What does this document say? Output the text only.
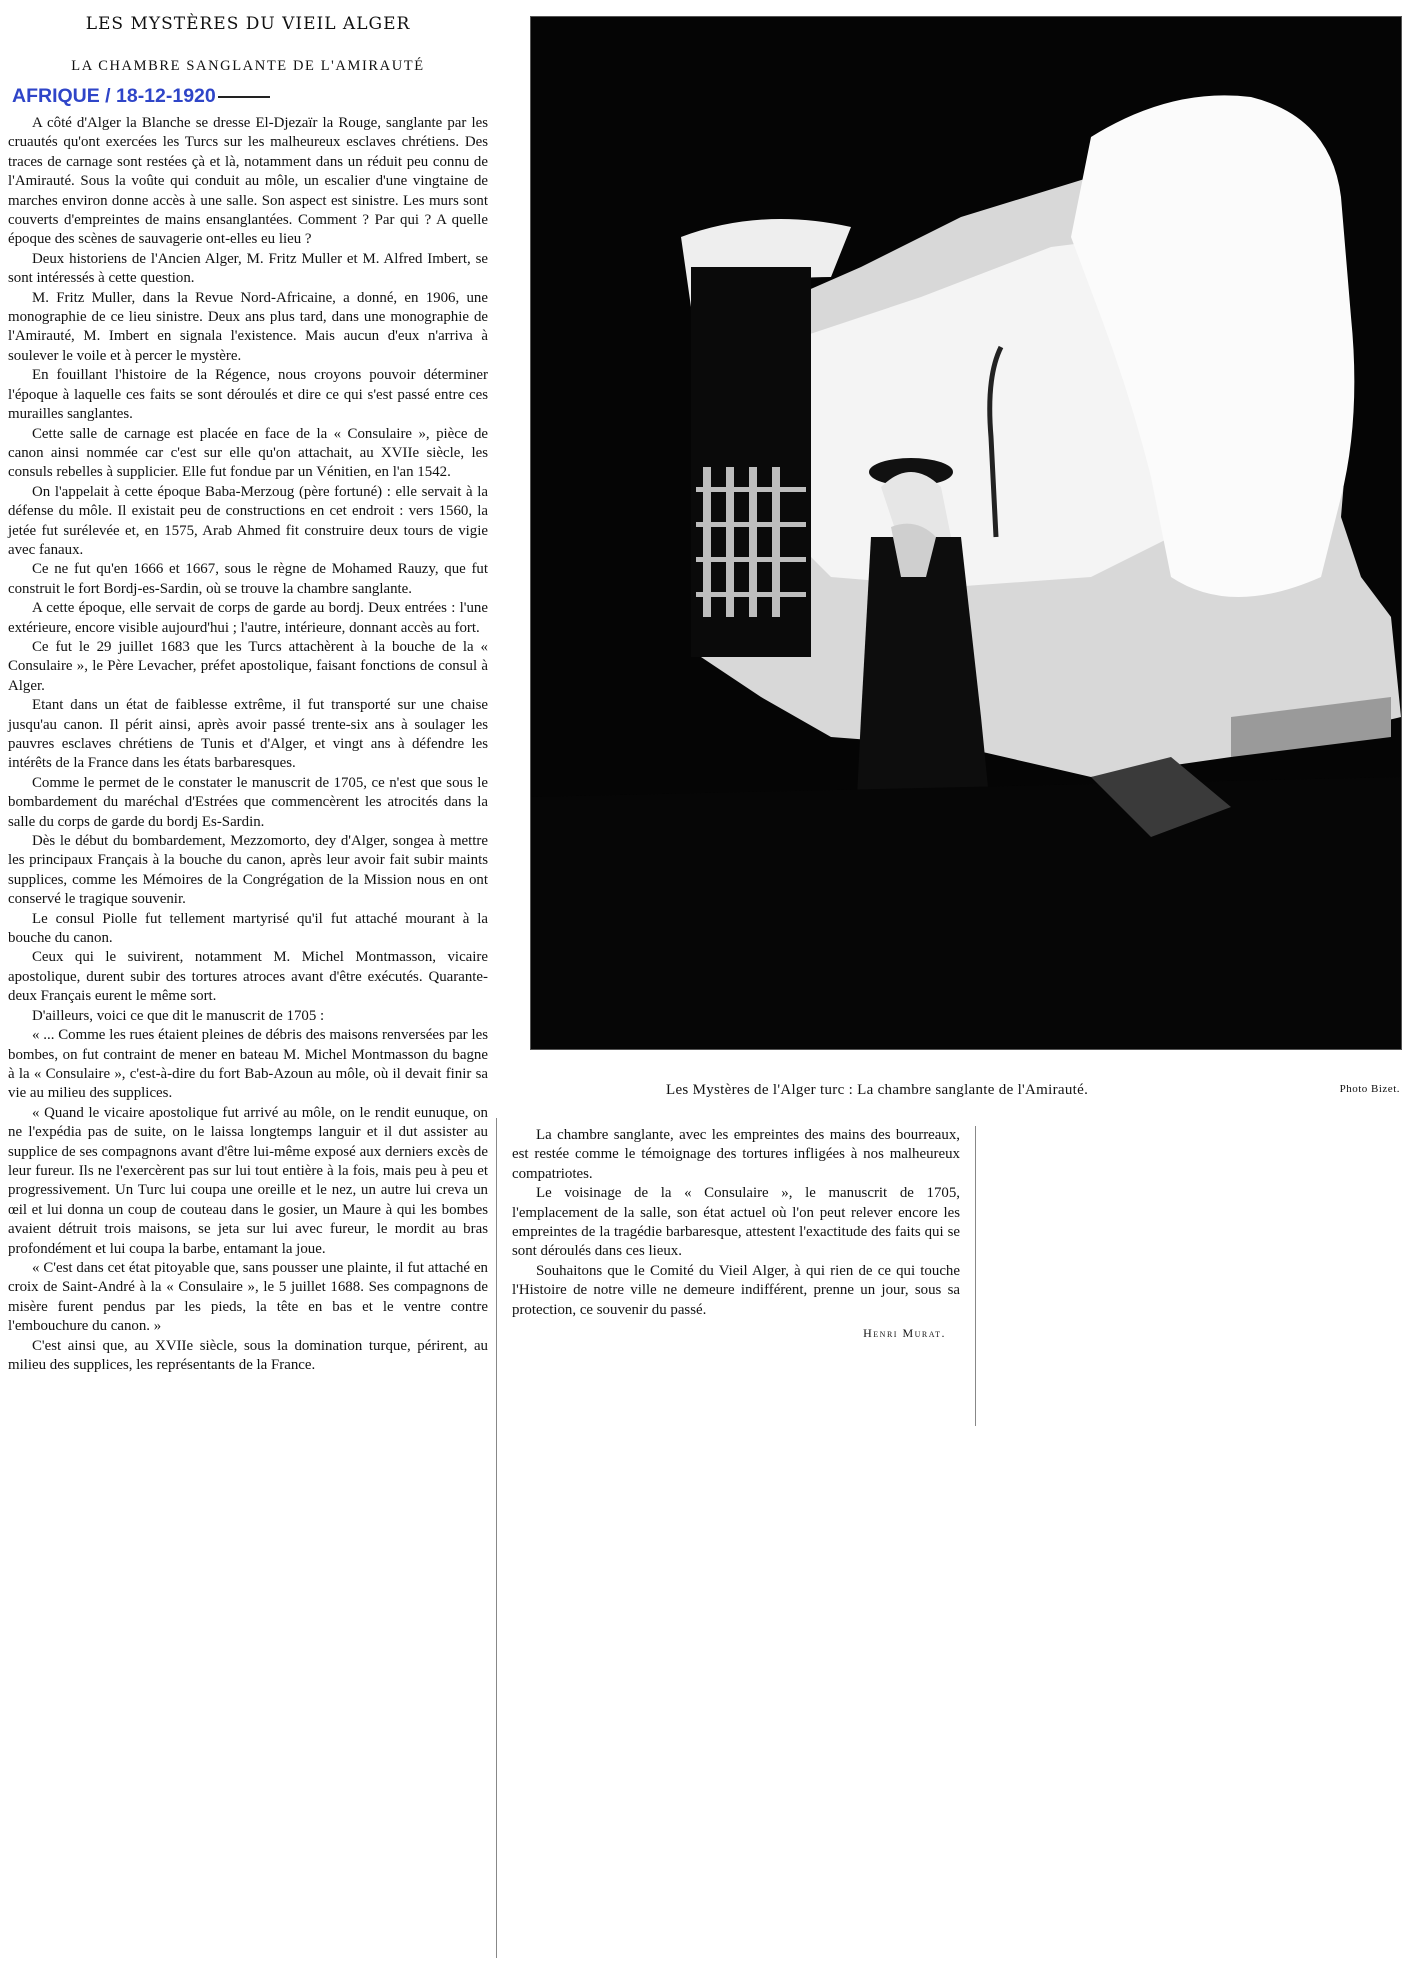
LES MYSTÈRES DU VIEIL ALGER
LA CHAMBRE SANGLANTE DE L'AMIRAUTÉ
AFRIQUE / 18-12-1920

A côté d'Alger la Blanche se dresse El-Djezaïr la Rouge, sanglante par les cruautés qu'ont exercées les Turcs sur les malheureux esclaves chrétiens. Des traces de carnage sont restées çà et là, notamment dans un réduit peu connu de l'Amirauté. Sous la voûte qui conduit au môle, un escalier d'une vingtaine de marches environ donne accès à une salle. Son aspect est sinistre. Les murs sont couverts d'empreintes de mains ensanglantées. Comment ? Par qui ? A quelle époque des scènes de sauvagerie ont-elles eu lieu ?

Deux historiens de l'Ancien Alger, M. Fritz Muller et M. Alfred Imbert, se sont intéressés à cette question.

M. Fritz Muller, dans la Revue Nord-Africaine, a donné, en 1906, une monographie de ce lieu sinistre. Deux ans plus tard, dans une monographie de l'Amirauté, M. Imbert en signala l'existence. Mais aucun d'eux n'arriva à soulever le voile et à percer le mystère.

En fouillant l'histoire de la Régence, nous croyons pouvoir déterminer l'époque à laquelle ces faits se sont déroulés et dire ce qui s'est passé entre ces murailles sanglantes.

Cette salle de carnage est placée en face de la « Consulaire », pièce de canon ainsi nommée car c'est sur elle qu'on attachait, au XVIIe siècle, les consuls rebelles à supplicier. Elle fut fondue par un Vénitien, en l'an 1542.

On l'appelait à cette époque Baba-Merzoug (père fortuné) : elle servait à la défense du môle. Il existait peu de constructions en cet endroit : vers 1560, la jetée fut surélevée et, en 1575, Arab Ahmed fit construire deux tours de vigie avec fanaux.

Ce ne fut qu'en 1666 et 1667, sous le règne de Mohamed Rauzy, que fut construit le fort Bordj-es-Sardin, où se trouve la chambre sanglante.

A cette époque, elle servait de corps de garde au bordj. Deux entrées : l'une extérieure, encore visible aujourd'hui ; l'autre, intérieure, donnant accès au fort.

Ce fut le 29 juillet 1683 que les Turcs attachèrent à la bouche de la « Consulaire », le Père Levacher, préfet apostolique, faisant fonctions de consul à Alger.

Etant dans un état de faiblesse extrême, il fut transporté sur une chaise jusqu'au canon. Il périt ainsi, après avoir passé trente-six ans à soulager les pauvres esclaves chrétiens de Tunis et d'Alger, et vingt ans à défendre les intérêts de la France dans les états barbaresques.

Comme le permet de le constater le manuscrit de 1705, ce n'est que sous le bombardement du maréchal d'Estrées que commencèrent les atrocités dans la salle du corps de garde du bordj Es-Sardin.

Dès le début du bombardement, Mezzomorto, dey d'Alger, songea à mettre les principaux Français à la bouche du canon, après leur avoir fait subir maints supplices, comme les Mémoires de la Congrégation de la Mission nous en ont conservé le tragique souvenir.

Le consul Piolle fut tellement martyrisé qu'il fut attaché mourant à la bouche du canon.

Ceux qui le suivirent, notamment M. Michel Montmasson, vicaire apostolique, durent subir des tortures atroces avant d'être exécutés. Quarante-deux Français eurent le même sort.

D'ailleurs, voici ce que dit le manuscrit de 1705 :

« ... Comme les rues étaient pleines de débris des maisons renversées par les bombes, on fut contraint de mener en bateau M. Michel Montmasson du bagne à la « Consulaire », c'est-à-dire du fort Bab-Azoun au môle, où il devait finir sa vie au milieu des supplices.

« Quand le vicaire apostolique fut arrivé au môle, on le rendit eunuque, on ne l'expédia pas de suite, on le laissa longtemps languir et il dut assister au supplice de ses compagnons avant d'être lui-même exposé aux derniers excès de leur fureur. Ils ne l'exercèrent pas sur lui tout entière à la fois, mais peu à peu et progressivement. Un Turc lui coupa une oreille et le nez, un autre lui creva un œil et lui donna un coup de couteau dans le gosier, un Maure à qui les bombes avaient détruit trois maisons, se jeta sur lui avec fureur, le mordit au bras profondément et lui coupa la barbe, entamant la joue.

« C'est dans cet état pitoyable que, sans pousser une plainte, il fut attaché en croix de Saint-André à la « Consulaire », le 5 juillet 1688. Ses compagnons de misère furent pendus par les pieds, la tête en bas et le ventre contre l'embouchure du canon. »

C'est ainsi que, au XVIIe siècle, sous la domination turque, périrent, au milieu des supplices, les représentants de la France.

Les Mystères de l'Alger turc : La chambre sanglante de l'Amirauté.	Photo Bizet.

La chambre sanglante, avec les empreintes des mains des bourreaux, est restée comme le témoignage des tortures infligées à nos malheureux compatriotes.

Le voisinage de la « Consulaire », le manuscrit de 1705, l'emplacement de la salle, son état actuel où l'on peut relever encore les empreintes de la tragédie barbaresque, attestent l'exactitude des faits qui se sont déroulés dans ces lieux.

Souhaitons que le Comité du Vieil Alger, à qui rien de ce qui touche l'Histoire de notre ville ne demeure indifférent, prenne un jour, sous sa protection, ce souvenir du passé.

Henri Murat.
